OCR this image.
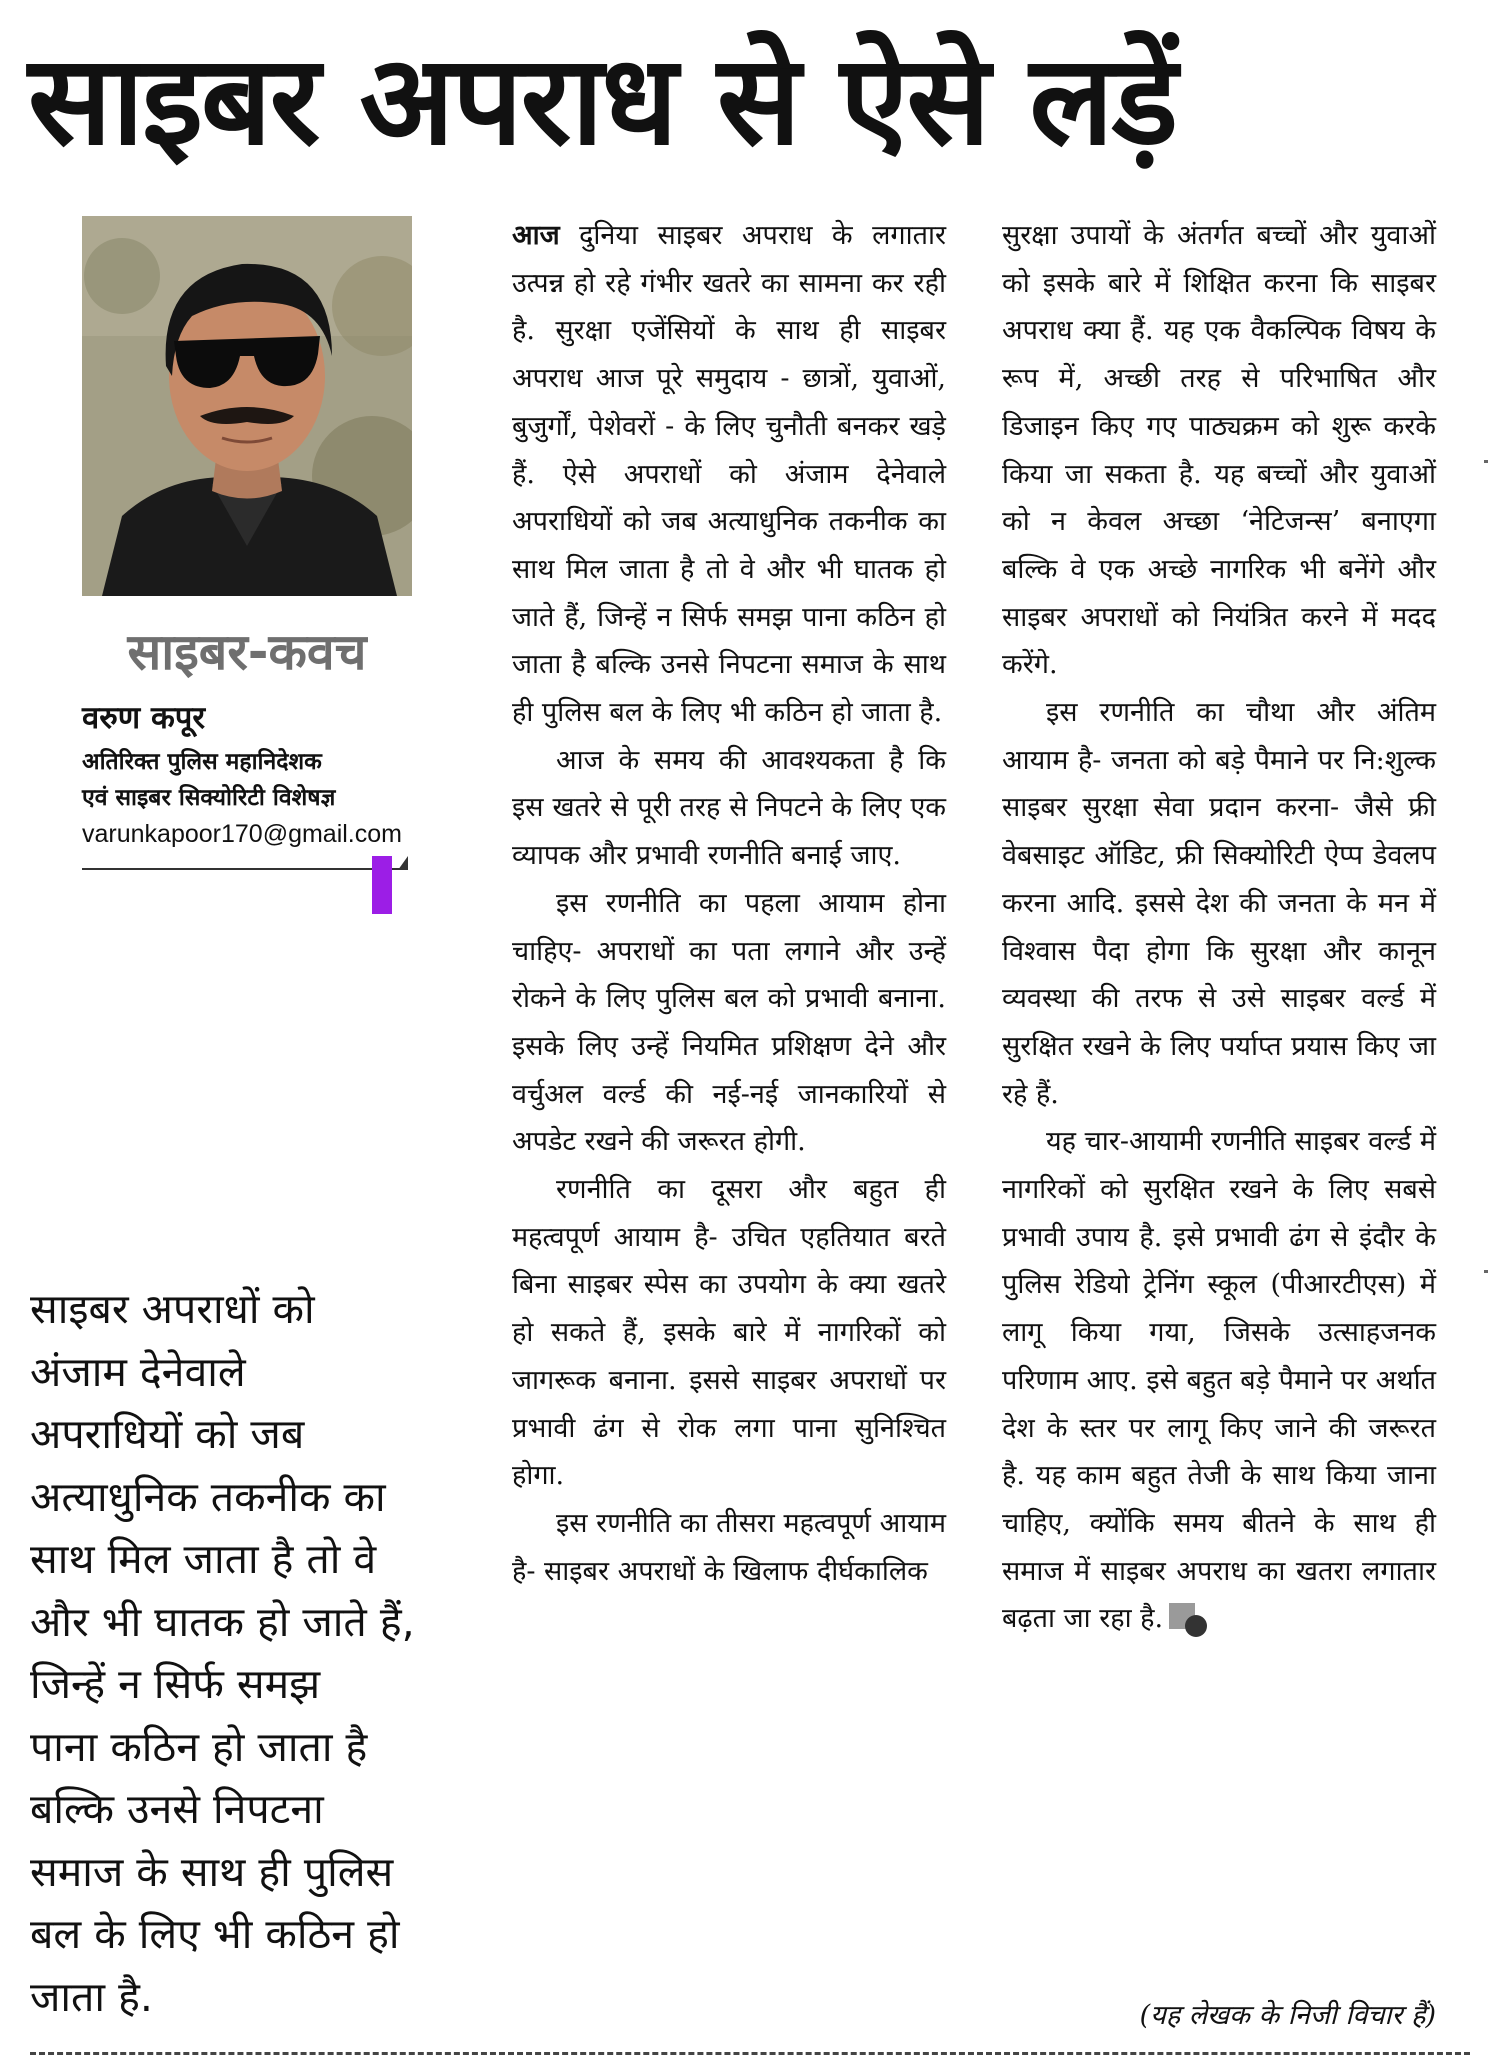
साइबर अपराध से ऐसे लड़ें
साइबर-कवच
वरुण कपूर
अतिरिक्त पुलिस महानिदेशक
एवं साइबर सिक्योरिटी विशेषज्ञ
varunkapoor170@gmail.com
साइबर अपराधों को
अंजाम देनेवाले
अपराधियों को जब
अत्याधुनिक तकनीक का
साथ मिल जाता है तो वे
और भी घातक हो जाते हैं,
जिन्हें न सिर्फ समझ
पाना कठिन हो जाता है
बल्कि उनसे निपटना
समाज के साथ ही पुलिस
बल के लिए भी कठिन हो
जाता है.

आज दुनिया साइबर अपराध के लगातार उत्पन्न हो रहे गंभीर खतरे का सामना कर रही है. सुरक्षा एजेंसियों के साथ ही साइबर अपराध आज पूरे समुदाय - छात्रों, युवाओं, बुजुर्गों, पेशेवरों - के लिए चुनौती बनकर खड़े हैं. ऐसे अपराधों को अंजाम देनेवाले अपराधियों को जब अत्याधुनिक तकनीक का साथ मिल जाता है तो वे और भी घातक हो जाते हैं, जिन्हें न सिर्फ समझ पाना कठिन हो जाता है बल्कि उनसे निपटना समाज के साथ ही पुलिस बल के लिए भी कठिन हो जाता है.

आज के समय की आवश्यकता है कि इस खतरे से पूरी तरह से निपटने के लिए एक व्यापक और प्रभावी रणनीति बनाई जाए.

इस रणनीति का पहला आयाम होना चाहिए- अपराधों का पता लगाने और उन्हें रोकने के लिए पुलिस बल को प्रभावी बनाना. इसके लिए उन्हें नियमित प्रशिक्षण देने और वर्चुअल वर्ल्ड की नई-नई जानकारियों से अपडेट रखने की जरूरत होगी.

रणनीति का दूसरा और बहुत ही महत्वपूर्ण आयाम है- उचित एहतियात बरते बिना साइबर स्पेस का उपयोग के क्या खतरे हो सकते हैं, इसके बारे में नागरिकों को जागरूक बनाना. इससे साइबर अपराधों पर प्रभावी ढंग से रोक लगा पाना सुनिश्चित होगा.

इस रणनीति का तीसरा महत्वपूर्ण आयाम है- साइबर अपराधों के खिलाफ दीर्घकालिक

सुरक्षा उपायों के अंतर्गत बच्चों और युवाओं को इसके बारे में शिक्षित करना कि साइबर अपराध क्या हैं. यह एक वैकल्पिक विषय के रूप में, अच्छी तरह से परिभाषित और डिजाइन किए गए पाठ्यक्रम को शुरू करके किया जा सकता है. यह बच्चों और युवाओं को न केवल अच्छा ‘नेटिजन्स’ बनाएगा बल्कि वे एक अच्छे नागरिक भी बनेंगे और साइबर अपराधों को नियंत्रित करने में मदद करेंगे.

इस रणनीति का चौथा और अंतिम आयाम है- जनता को बड़े पैमाने पर नि:शुल्क साइबर सुरक्षा सेवा प्रदान करना- जैसे फ्री वेबसाइट ऑडिट, फ्री सिक्योरिटी ऐप्प डेवलप करना आदि. इससे देश की जनता के मन में विश्वास पैदा होगा कि सुरक्षा और कानून व्यवस्था की तरफ से उसे साइबर वर्ल्ड में सुरक्षित रखने के लिए पर्याप्त प्रयास किए जा रहे हैं.

यह चार-आयामी रणनीति साइबर वर्ल्ड में नागरिकों को सुरक्षित रखने के लिए सबसे प्रभावी उपाय है. इसे प्रभावी ढंग से इंदौर के पुलिस रेडियो ट्रेनिंग स्कूल (पीआरटीएस) में लागू किया गया, जिसके उत्साहजनक परिणाम आए. इसे बहुत बड़े पैमाने पर अर्थात देश के स्तर पर लागू किए जाने की जरूरत है. यह काम बहुत तेजी के साथ किया जाना चाहिए, क्योंकि समय बीतने के साथ ही समाज में साइबर अपराध का खतरा लगातार बढ़ता जा रहा है.

(यह लेखक के निजी विचार हैं)
